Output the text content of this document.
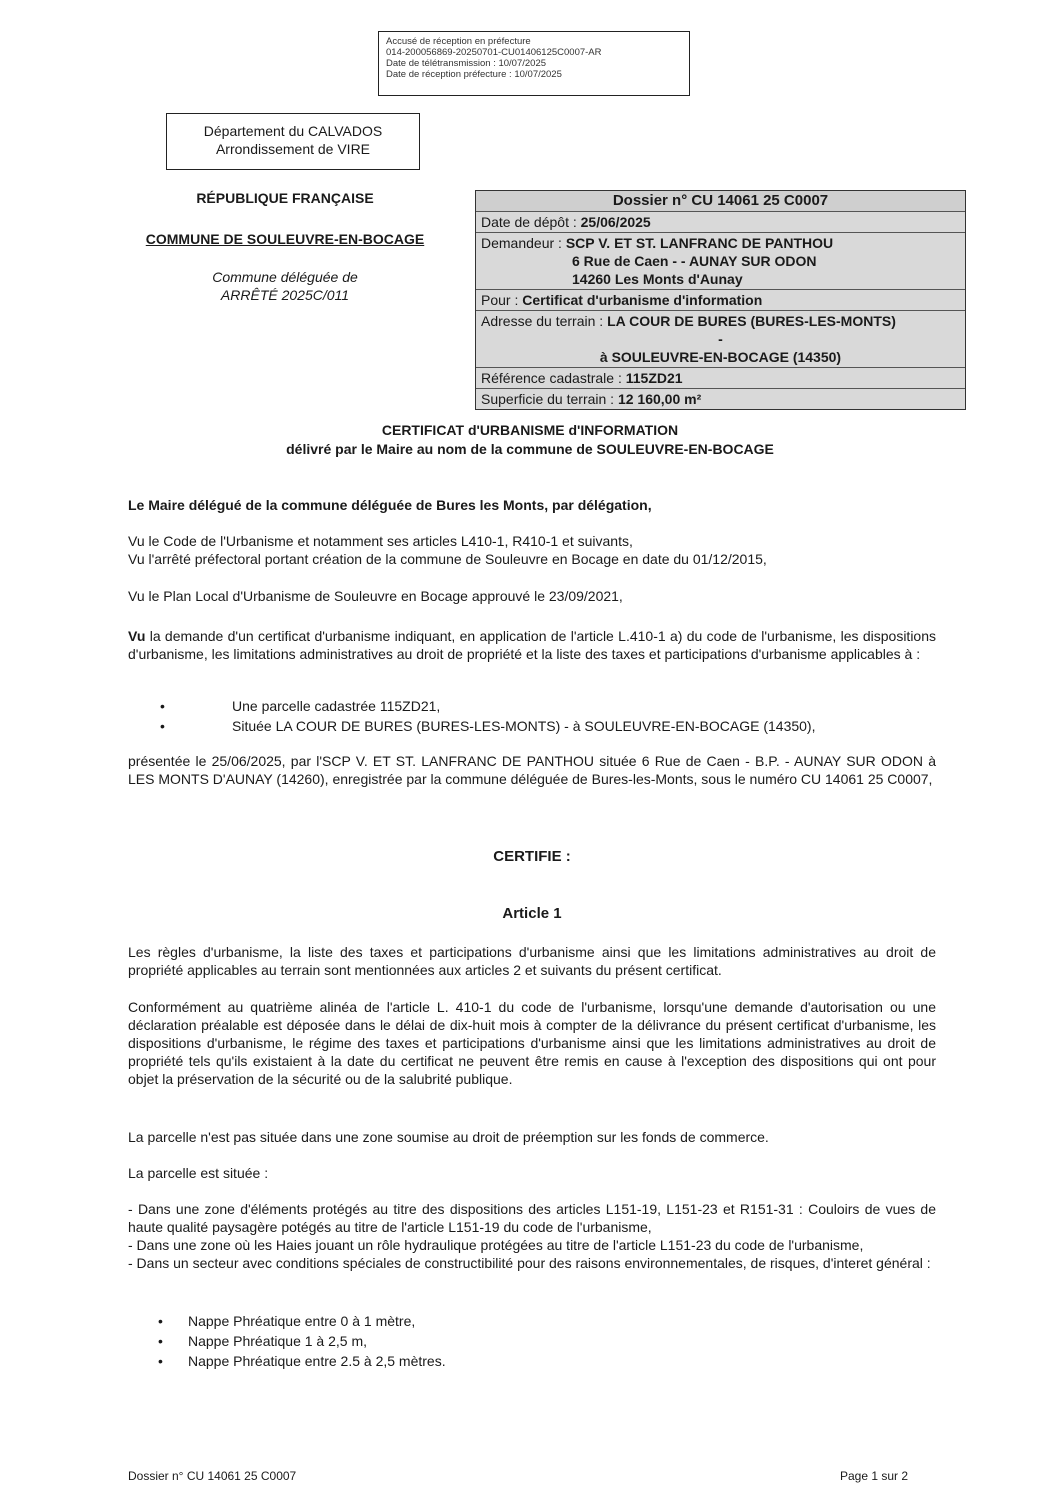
Accusé de réception en préfecture
014-200056869-20250701-CU01406125C0007-AR
Date de télétransmission : 10/07/2025
Date de réception préfecture : 10/07/2025
Département du CALVADOS
Arrondissement de VIRE
RÉPUBLIQUE FRANÇAISE
COMMUNE DE SOULEUVRE-EN-BOCAGE
Commune déléguée de
ARRÊTÉ 2025C/011
Dossier n° CU 14061 25 C0007
Date de dépôt : 25/06/2025
Demandeur : SCP V. ET ST. LANFRANC DE PANTHOU
6 Rue de Caen - - AUNAY SUR ODON
14260 Les Monts d'Aunay
Pour : Certificat d'urbanisme d'information
Adresse du terrain : LA COUR DE BURES (BURES-LES-MONTS)
-
à SOULEUVRE-EN-BOCAGE (14350)
Référence cadastrale : 115ZD21
Superficie du terrain : 12 160,00 m²
CERTIFICAT d'URBANISME d'INFORMATION
délivré par le Maire au nom de la commune de SOULEUVRE-EN-BOCAGE
Le Maire délégué de la commune déléguée de Bures les Monts, par délégation,
Vu le Code de l'Urbanisme et notamment ses articles L410-1, R410-1 et suivants,
Vu l'arrêté préfectoral portant création de la commune de Souleuvre en Bocage en date du 01/12/2015,
Vu le Plan Local d'Urbanisme de Souleuvre en Bocage approuvé le 23/09/2021,
Vu la demande d'un certificat d'urbanisme indiquant, en application de l'article L.410-1 a) du code de l'urbanisme, les dispositions d'urbanisme, les limitations administratives au droit de propriété et la liste des taxes et participations d'urbanisme applicables à :
•	Une parcelle cadastrée 115ZD21,
•	Située LA COUR DE BURES (BURES-LES-MONTS) - à SOULEUVRE-EN-BOCAGE (14350),
présentée le 25/06/2025, par l'SCP V. ET ST. LANFRANC DE PANTHOU située 6 Rue de Caen - B.P. - AUNAY SUR ODON à LES MONTS D'AUNAY (14260), enregistrée par la commune déléguée de Bures-les-Monts, sous le numéro CU 14061 25 C0007,
CERTIFIE :
Article 1
Les règles d'urbanisme, la liste des taxes et participations d'urbanisme ainsi que les limitations administratives au droit de propriété applicables au terrain sont mentionnées aux articles 2 et suivants du présent certificat.
Conformément au quatrième alinéa de l'article L. 410-1 du code de l'urbanisme, lorsqu'une demande d'autorisation ou une déclaration préalable est déposée dans le délai de dix-huit mois à compter de la délivrance du présent certificat d'urbanisme, les dispositions d'urbanisme, le régime des taxes et participations d'urbanisme ainsi que les limitations administratives au droit de propriété tels qu'ils existaient à la date du certificat ne peuvent être remis en cause à l'exception des dispositions qui ont pour objet la préservation de la sécurité ou de la salubrité publique.
La parcelle n'est pas située dans une zone soumise au droit de préemption sur les fonds de commerce.
La parcelle est située :
- Dans une zone d'éléments protégés au titre des dispositions des articles L151-19, L151-23 et R151-31 : Couloirs de vues de haute qualité paysagère potégés au titre de l'article L151-19 du code de l'urbanisme,
- Dans une zone où les Haies jouant un rôle hydraulique protégées au titre de l'article L151-23 du code de l'urbanisme,
- Dans un secteur avec conditions spéciales de constructibilité pour des raisons environnementales, de risques, d'interet général :
•	Nappe Phréatique entre 0 à 1 mètre,
•	Nappe Phréatique 1 à 2,5 m,
•	Nappe Phréatique entre 2.5 à 2,5 mètres.
Dossier n° CU 14061 25 C0007	Page 1 sur 2
